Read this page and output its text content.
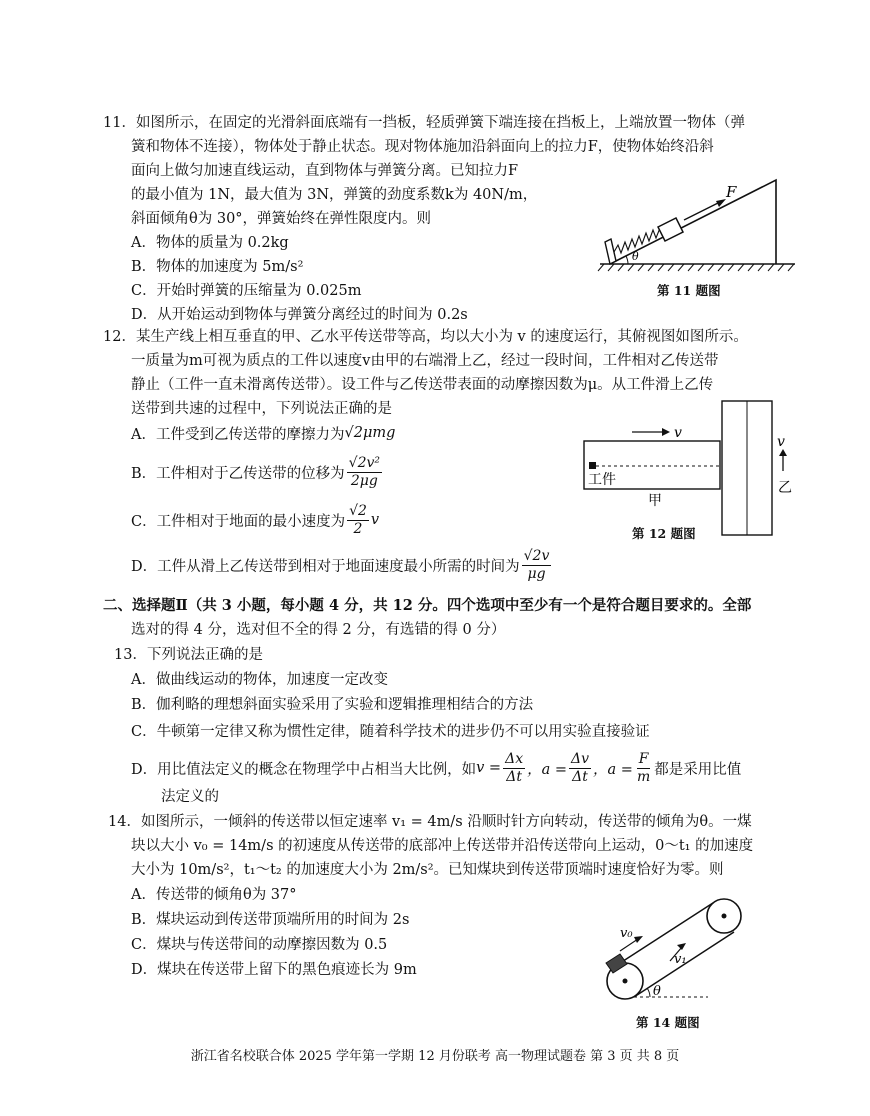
11．如图所示，在固定的光滑斜面底端有一挡板，轻质弹簧下端连接在挡板上，上端放置一物体（弹
簧和物体不连接），物体处于静止状态。现对物体施加沿斜面向上的拉力F，使物体始终沿斜
面向上做匀加速直线运动，直到物体与弹簧分离。已知拉力F
的最小值为 1N，最大值为 3N，弹簧的劲度系数k为 40N/m，
斜面倾角θ为 30°，弹簧始终在弹性限度内。则
A．物体的质量为 0.2kg
B．物体的加速度为 5m/s²
C．开始时弹簧的压缩量为 0.025m
D．从开始运动到物体与弹簧分离经过的时间为 0.2s
F
θ
第 11 题图
12．某生产线上相互垂直的甲、乙水平传送带等高，均以大小为 v 的速度运行，其俯视图如图所示。
一质量为m可视为质点的工件以速度v由甲的右端滑上乙，经过一段时间，工件相对乙传送带
静止（工件一直未滑离传送带）。设工件与乙传送带表面的动摩擦因数为μ。从工件滑上乙传
送带到共速的过程中，下列说法正确的是
A．工件受到乙传送带的摩擦力为 √2μmg
B．工件相对于乙传送带的位移为 $\frac{\text{√2v²}}{2\mu g}$
C．工件相对于地面的最小速度为 $\frac{√2}{2}$ v
D．工件从滑上乙传送带到相对于地面速度最小所需的时间为 $\frac{√2v}{\mu g}$
工件
甲
v
v
乙
第 12 题图
二、选择题Ⅱ（共 3 小题，每小题 4 分，共 12 分。四个选项中至少有一个是符合题目要求的。全部
选对的得 4 分，选对但不全的得 2 分，有选错的得 0 分）
13．下列说法正确的是
A．做曲线运动的物体，加速度一定改变
B．伽利略的理想斜面实验采用了实验和逻辑推理相结合的方法
C．牛顿第一定律又称为惯性定律，随着科学技术的进步仍不可以用实验直接验证
D．用比值法定义的概念在物理学中占相当大比例，如 $v = \frac{\Delta x}{\Delta t}$ ，$a = \frac{\Delta v}{\Delta t}$ ，$a = \frac{F}{m}$ 都是采用比值
法定义的
14．如图所示，一倾斜的传送带以恒定速率 v₁ = 4m/s 沿顺时针方向转动，传送带的倾角为θ。一煤
块以大小 v₀ = 14m/s 的初速度从传送带的底部冲上传送带并沿传送带向上运动，0～t₁ 的加速度
大小为 10m/s²，t₁～t₂ 的加速度大小为 2m/s²。已知煤块到传送带顶端时速度恰好为零。则
A．传送带的倾角θ为 37°
B．煤块运动到传送带顶端所用的时间为 2s
C．煤块与传送带间的动摩擦因数为 0.5
D．煤块在传送带上留下的黑色痕迹长为 9m
v₀
v₁
θ
第 14 题图
浙江省名校联合体 2025 学年第一学期 12 月份联考 高一物理试题卷 第 3 页 共 8 页
